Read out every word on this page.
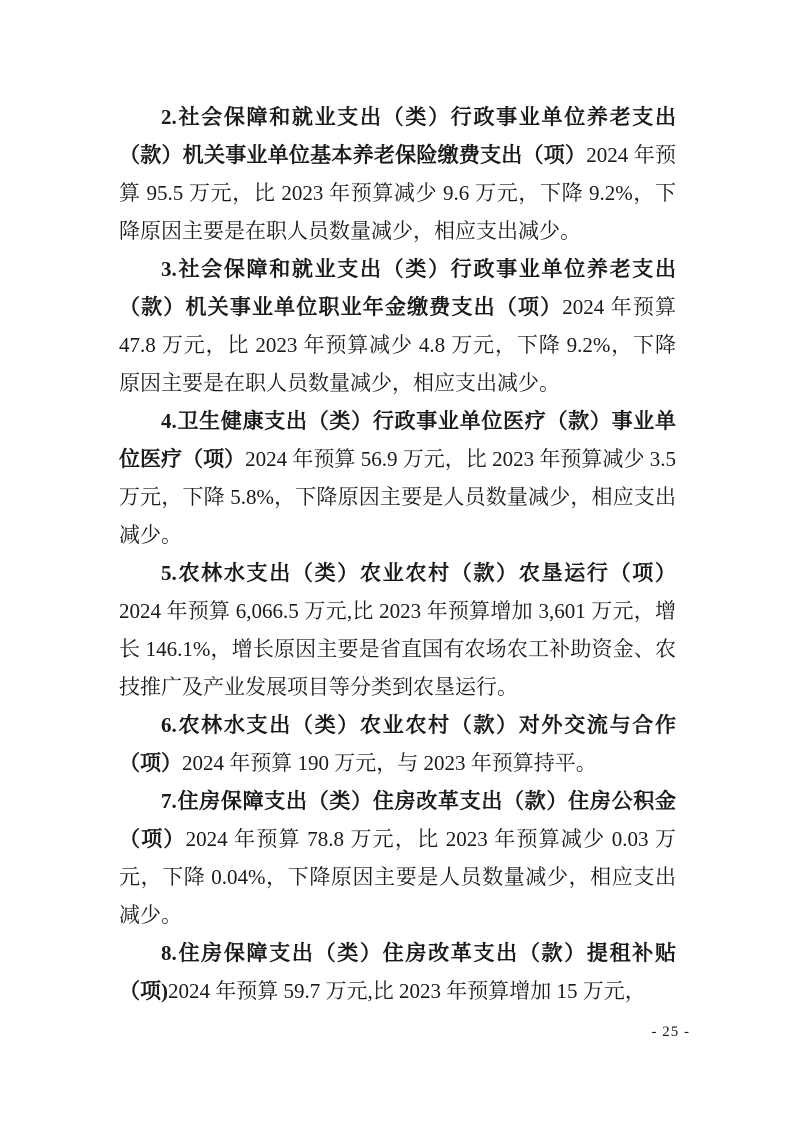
2.社会保障和就业支出（类）行政事业单位养老支出（款）机关事业单位基本养老保险缴费支出（项）2024 年预算 95.5 万元，比 2023 年预算减少 9.6 万元，下降 9.2%，下降原因主要是在职人员数量减少，相应支出减少。

3.社会保障和就业支出（类）行政事业单位养老支出（款）机关事业单位职业年金缴费支出（项）2024 年预算 47.8 万元，比 2023 年预算减少 4.8 万元，下降 9.2%，下降原因主要是在职人员数量减少，相应支出减少。

4.卫生健康支出（类）行政事业单位医疗（款）事业单位医疗（项）2024 年预算 56.9 万元，比 2023 年预算减少 3.5 万元，下降 5.8%，下降原因主要是人员数量减少，相应支出减少。

5.农林水支出（类）农业农村（款）农垦运行（项）2024 年预算 6,066.5 万元,比 2023 年预算增加 3,601 万元，增长 146.1%，增长原因主要是省直国有农场农工补助资金、农技推广及产业发展项目等分类到农垦运行。

6.农林水支出（类）农业农村（款）对外交流与合作（项）2024 年预算 190 万元，与 2023 年预算持平。

7.住房保障支出（类）住房改革支出（款）住房公积金（项）2024 年预算 78.8 万元，比 2023 年预算减少 0.03 万元，下降 0.04%，下降原因主要是人员数量减少，相应支出减少。

8.住房保障支出（类）住房改革支出（款）提租补贴（项)2024 年预算 59.7 万元,比 2023 年预算增加 15 万元，

- 25 -
